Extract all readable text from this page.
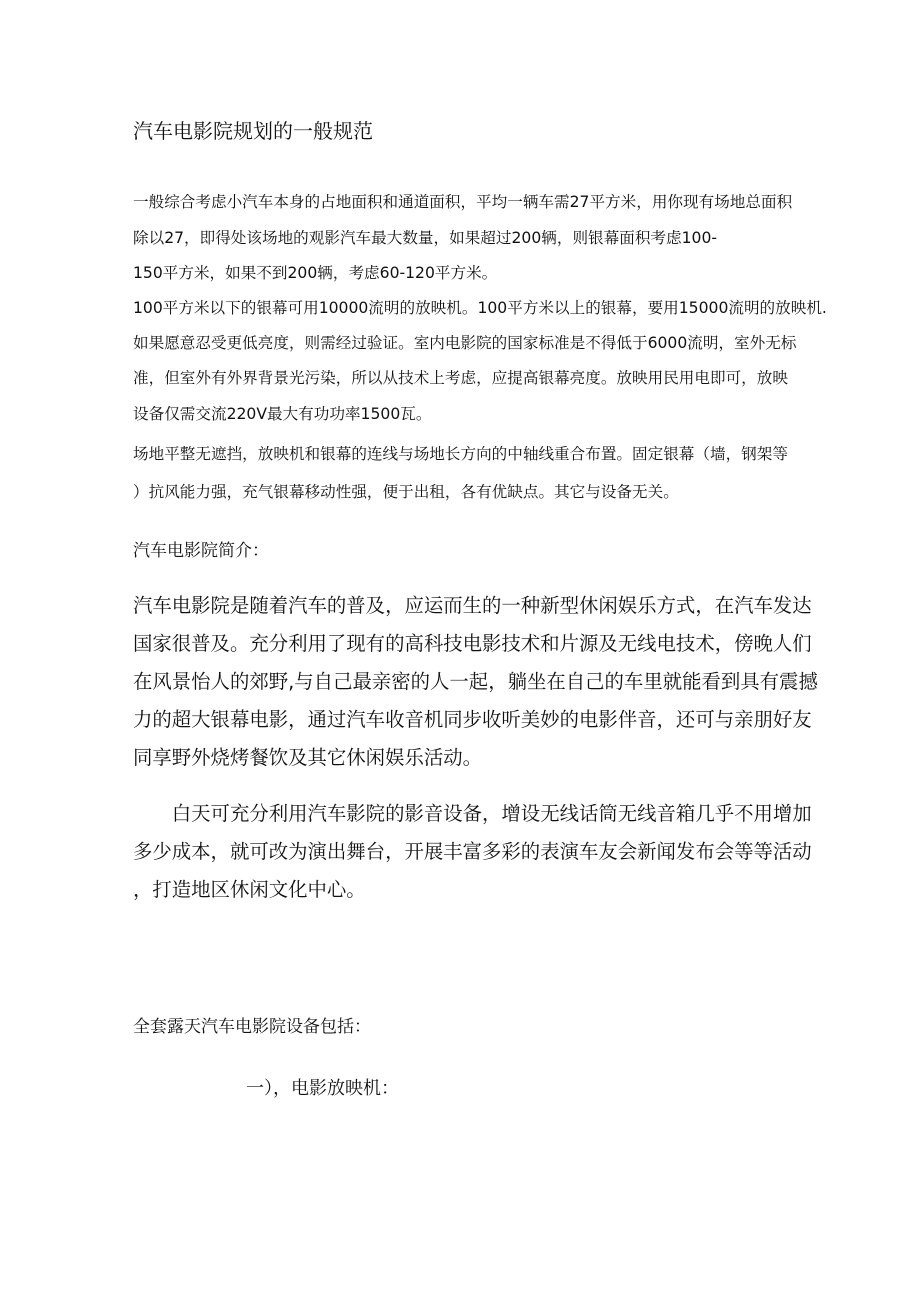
汽车电影院规划的一般规范
一般综合考虑小汽车本身的占地面积和通道面积，平均一辆车需27平方米，用你现有场地总面积
除以27，即得处该场地的观影汽车最大数量，如果超过200辆，则银幕面积考虑100-
150平方米，如果不到200辆，考虑60-120平方米。
100平方米以下的银幕可用10000流明的放映机。100平方米以上的银幕，要用15000流明的放映机.
如果愿意忍受更低亮度，则需经过验证。室内电影院的国家标准是不得低于6000流明，室外无标
准，但室外有外界背景光污染，所以从技术上考虑，应提高银幕亮度。放映用民用电即可，放映
设备仅需交流220V最大有功功率1500瓦。
场地平整无遮挡，放映机和银幕的连线与场地长方向的中轴线重合布置。固定银幕（墙，钢架等
）抗风能力强，充气银幕移动性强，便于出租，各有优缺点。其它与设备无关。
汽车电影院简介：
汽车电影院是随着汽车的普及，应运而生的一种新型休闲娱乐方式，在汽车发达
国家很普及。充分利用了现有的高科技电影技术和片源及无线电技术，傍晚人们
在风景怡人的郊野,与自己最亲密的人一起，躺坐在自己的车里就能看到具有震撼
力的超大银幕电影，通过汽车收音机同步收听美妙的电影伴音，还可与亲朋好友
同享野外烧烤餐饮及其它休闲娱乐活动。
　　白天可充分利用汽车影院的影音设备，增设无线话筒无线音箱几乎不用增加
多少成本，就可改为演出舞台，开展丰富多彩的表演车友会新闻发布会等等活动
，打造地区休闲文化中心。
全套露天汽车电影院设备包括：
一），电影放映机：
